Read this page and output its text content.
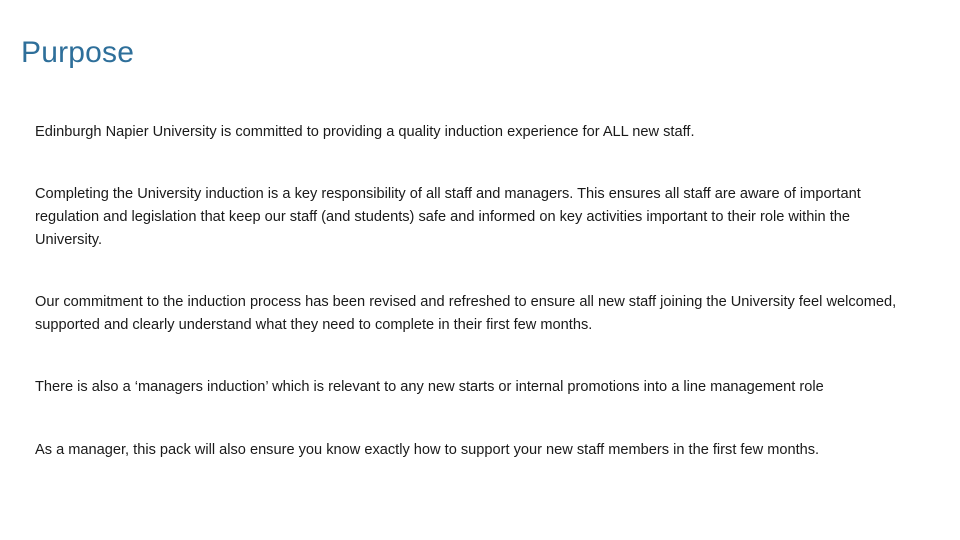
Purpose

Edinburgh Napier University is committed to providing a quality induction experience for ALL new staff.

Completing the University induction is a key responsibility of all staff and managers. This ensures all staff are aware of important regulation and legislation that keep our staff (and students) safe and informed on key activities important to their role within the University.

Our commitment to the induction process has been revised and refreshed to ensure all new staff joining the University feel welcomed, supported and clearly understand what they need to complete in their first few months.

There is also a ‘managers induction’ which is relevant to any new starts or internal promotions into a line management role

As a manager, this pack will also ensure you know exactly how to support your new staff members in the first few months.
